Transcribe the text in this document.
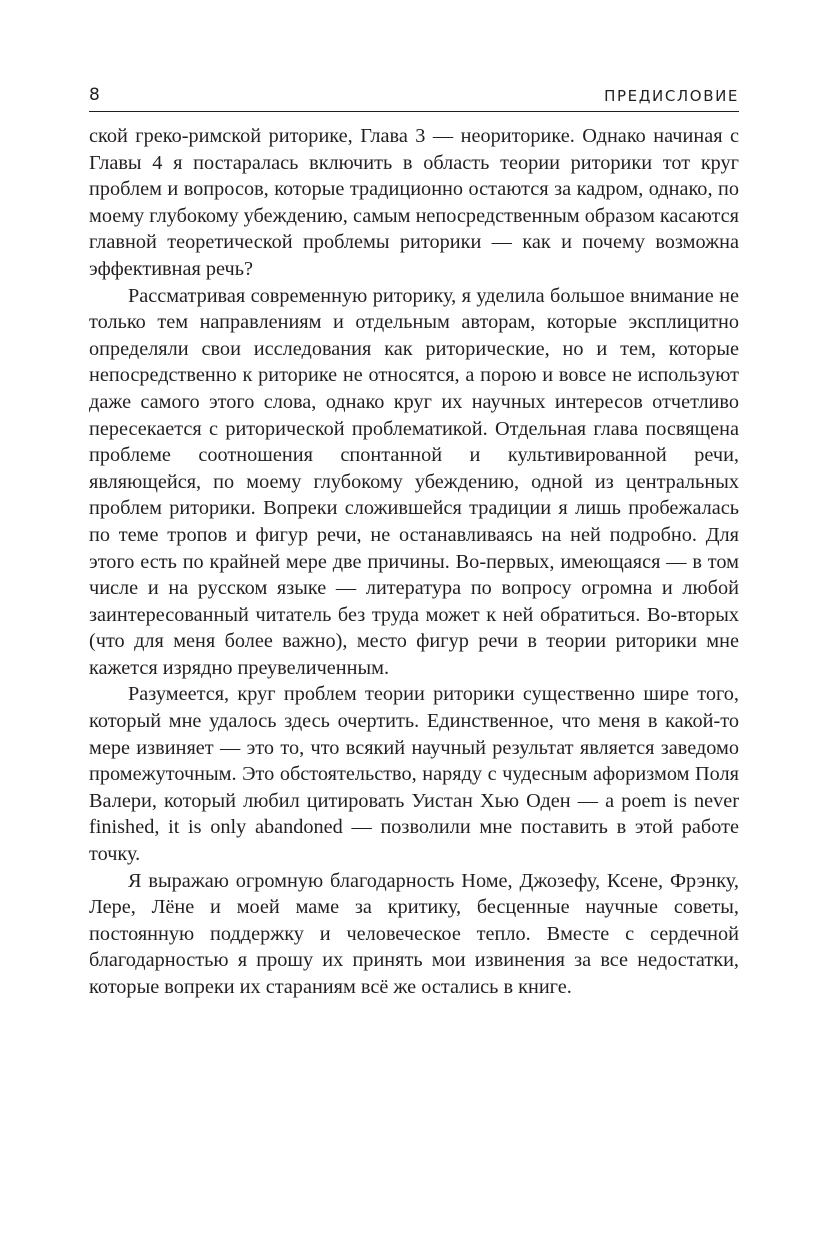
8	ПРЕДИСЛОВИЕ

ской греко-римской риторике, Глава 3 — неориторике. Однако начиная с Главы 4 я постаралась включить в область теории риторики тот круг проблем и вопросов, которые традиционно остаются за кадром, однако, по моему глубокому убеждению, самым непосредственным образом касаются главной теоретической проблемы риторики — как и почему возможна эффективная речь?

Рассматривая современную риторику, я уделила большое внимание не только тем направлениям и отдельным авторам, которые эксплицитно определяли свои исследования как риторические, но и тем, которые непосредственно к риторике не относятся, а порою и вовсе не используют даже самого этого слова, однако круг их научных интересов отчетливо пересекается с риторической проблематикой. Отдельная глава посвящена проблеме соотношения спонтанной и культивированной речи, являющейся, по моему глубокому убеждению, одной из центральных проблем риторики. Вопреки сложившейся традиции я лишь пробежалась по теме тропов и фигур речи, не останавливаясь на ней подробно. Для этого есть по крайней мере две причины. Во-первых, имеющаяся — в том числе и на русском языке — литература по вопросу огромна и любой заинтересованный читатель без труда может к ней обратиться. Во-вторых (что для меня более важно), место фигур речи в теории риторики мне кажется изрядно преувеличенным.

Разумеется, круг проблем теории риторики существенно шире того, который мне удалось здесь очертить. Единственное, что меня в какой-то мере извиняет — это то, что всякий научный результат является заведомо промежуточным. Это обстоятельство, наряду с чудесным афоризмом Поля Валери, который любил цитировать Уистан Хью Оден — a poem is never finished, it is only abandoned — позволили мне поставить в этой работе точку.

Я выражаю огромную благодарность Номе, Джозефу, Ксене, Фрэнку, Лере, Лёне и моей маме за критику, бесценные научные советы, постоянную поддержку и человеческое тепло. Вместе с сердечной благодарностью я прошу их принять мои извинения за все недостатки, которые вопреки их стараниям всё же остались в книге.
